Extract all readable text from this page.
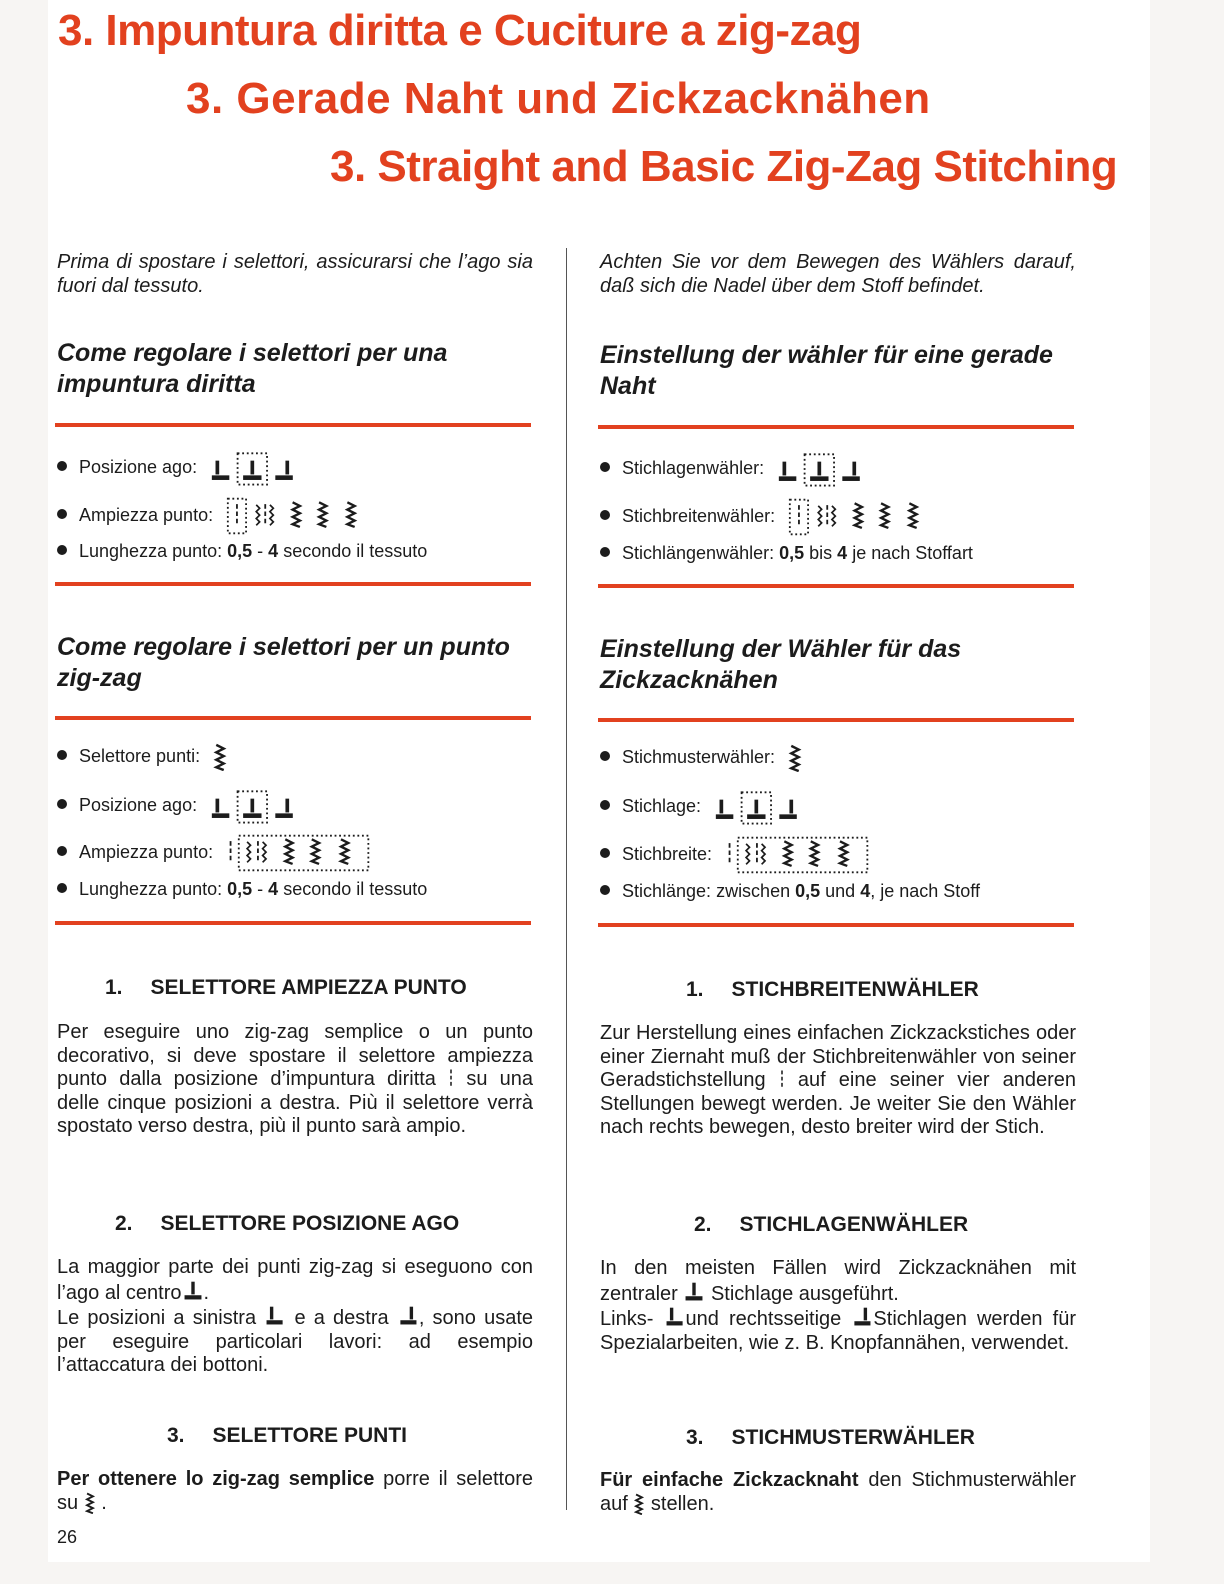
3. Impuntura diritta e Cuciture a zig-zag
3. Gerade Naht und Zickzacknähen
3. Straight and Basic Zig-Zag Stitching

Prima di spostare i selettori, assicurarsi che l’ago sia fuori dal tessuto.

Come regolare i selettori per una impuntura diritta
Posizione ago:
Ampiezza punto:
Lunghezza punto: 0,5 - 4 secondo il tessuto
Come regolare i selettori per un punto zig-zag
Selettore punti:
Posizione ago:
Ampiezza punto:
Lunghezza punto: 0,5 - 4 secondo il tessuto

1. SELETTORE AMPIEZZA PUNTO

Per eseguire uno zig-zag semplice o un punto decorativo, si deve spostare il selettore ampiezza punto dalla posizione d’impuntura diritta su una delle cinque posizioni a destra. Più il selettore verrà spostato verso destra, più il punto sarà ampio.

2. SELETTORE POSIZIONE AGO

La maggior parte dei punti zig-zag si eseguono con l’ago al centro .
Le posizioni a sinistra e a destra , sono usate per eseguire particolari lavori: ad esempio l’attaccatura dei bottoni.

3. SELETTORE PUNTI

Per ottenere lo zig-zag semplice porre il selettore su  .

Achten Sie vor dem Bewegen des Wählers darauf, daß sich die Nadel über dem Stoff befindet.

Einstellung der wähler für eine gerade Naht
Stichlagenwähler:
Stichbreitenwähler:
Stichlängenwähler: 0,5 bis 4 je nach Stoffart
Einstellung der Wähler für das Zickzacknähen
Stichmusterwähler:
Stichlage:
Stichbreite:
Stichlänge: zwischen 0,5 und 4, je nach Stoff

1. STICHBREITENWÄHLER

Zur Herstellung eines einfachen Zickzackstiches oder einer Ziernaht muß der Stichbreitenwähler von seiner Geradstichstellung auf eine seiner vier anderen Stellungen bewegt werden. Je weiter Sie den Wähler nach rechts bewegen, desto breiter wird der Stich.

2. STICHLAGENWÄHLER

In den meisten Fällen wird Zickzacknähen mit zentraler Stichlage ausgeführt.
Links- und rechtsseitige Stichlagen werden für Spezialarbeiten, wie z. B. Knopfannähen, verwendet.

3. STICHMUSTERWÄHLER

Für einfache Zickzacknaht den Stichmusterwähler auf  stellen.

26
